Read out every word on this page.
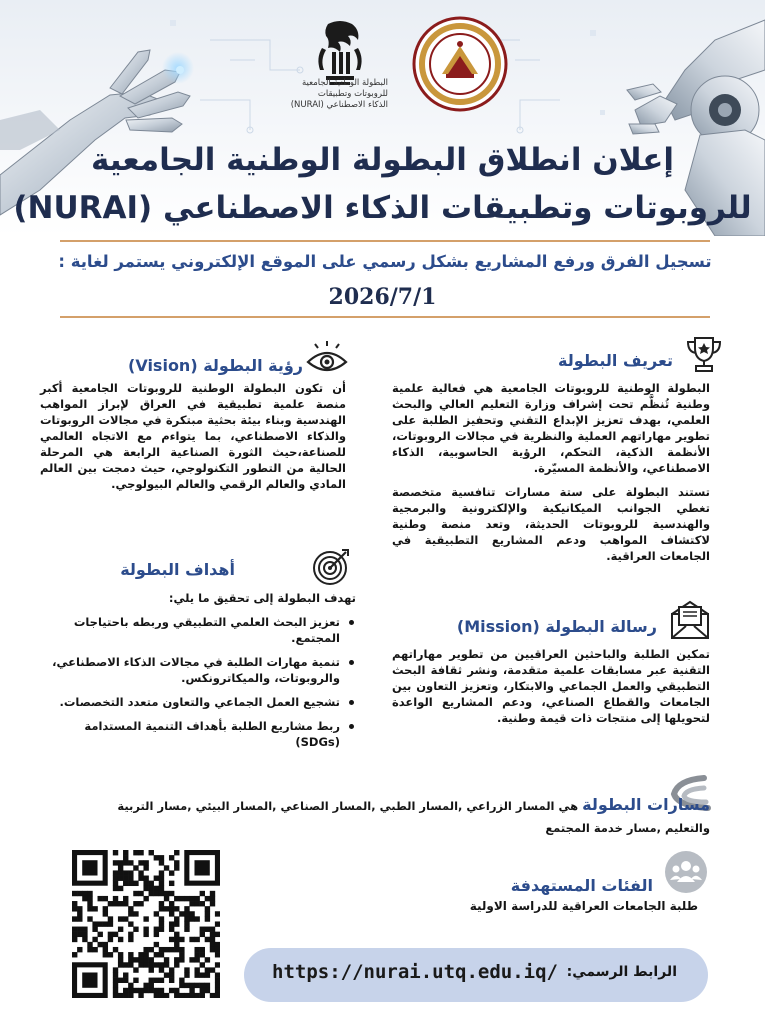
البطولة الوطنية الجامعية
للروبوتات وتطبيقات
الذكاء الاصطناعي (NURAI)
إعلان انطلاق البطولة الوطنية الجامعية
للروبوتات وتطبيقات الذكاء الاصطناعي (NURAI)
تسجيل الفرق ورفع المشاريع بشكل رسمي على الموقع الإلكتروني يستمر لغاية :
2026/7/1
رؤية البطولة (Vision)

أن تكون البطولة الوطنية للروبوتات الجامعية أكبر منصة علمية تطبيقية في العراق لإبراز المواهب الهندسية وبناء بيئة بحثية مبتكرة في مجالات الروبوتات والذكاء الاصطناعي، بما يتواءم مع الاتجاه العالمي للصناعة،حيث الثورة الصناعية الرابعة هي المرحلة الحالية من التطور التكنولوجي، حيث دمجت بين العالم المادي والعالم الرقمي والعالم البيولوجي.

أهداف البطولة

تهدف البطولة إلى تحقيق ما يلي:

تعزيز البحث العلمي التطبيقي وربطه باحتياجات المجتمع.
تنمية مهارات الطلبة في مجالات الذكاء الاصطناعي، والروبوتات، والميكاترونكس.
تشجيع العمل الجماعي والتعاون متعدد التخصصات.
ربط مشاريع الطلبة بأهداف التنمية المستدامة (SDGs)
تعريف البطولة

البطولة الوطنية للروبوتات الجامعية هي فعالية علمية وطنية تُنظَّم تحت إشراف وزارة التعليم العالي والبحث العلمي، بهدف تعزيز الإبداع التقني وتحفيز الطلبة على تطوير مهاراتهم العملية والنظرية في مجالات الروبوتات، الأنظمة الذكية، التحكم، الرؤية الحاسوبية، الذكاء الاصطناعي، والأنظمة المسيّرة.

تستند البطولة على ستة مسارات تنافسية متخصصة تغطي الجوانب الميكانيكية والإلكترونية والبرمجية والهندسية للروبوتات الحديثة، وتعد منصة وطنية لاكتشاف المواهب ودعم المشاريع التطبيقية في الجامعات العراقية.

رسالة البطولة (Mission)

تمكين الطلبة والباحثين العراقيين من تطوير مهاراتهم التقنية عبر مسابقات علمية متقدمة، ونشر ثقافة البحث التطبيقي والعمل الجماعي والابتكار، وتعزيز التعاون بين الجامعات والقطاع الصناعي، ودعم المشاريع الواعدة لتحويلها إلى منتجات ذات قيمة وطنية.

مسارات البطولة هي المسار الزراعي ,المسار الطبي ,المسار الصناعي ,المسار البيئي ,مسار التربية والتعليم ,مسار خدمة المجتمع
الفئات المستهدفة

طلبة الجامعات العراقية للدراسة الاولية

الرابط الرسمي:
https://nurai.utq.edu.iq/
